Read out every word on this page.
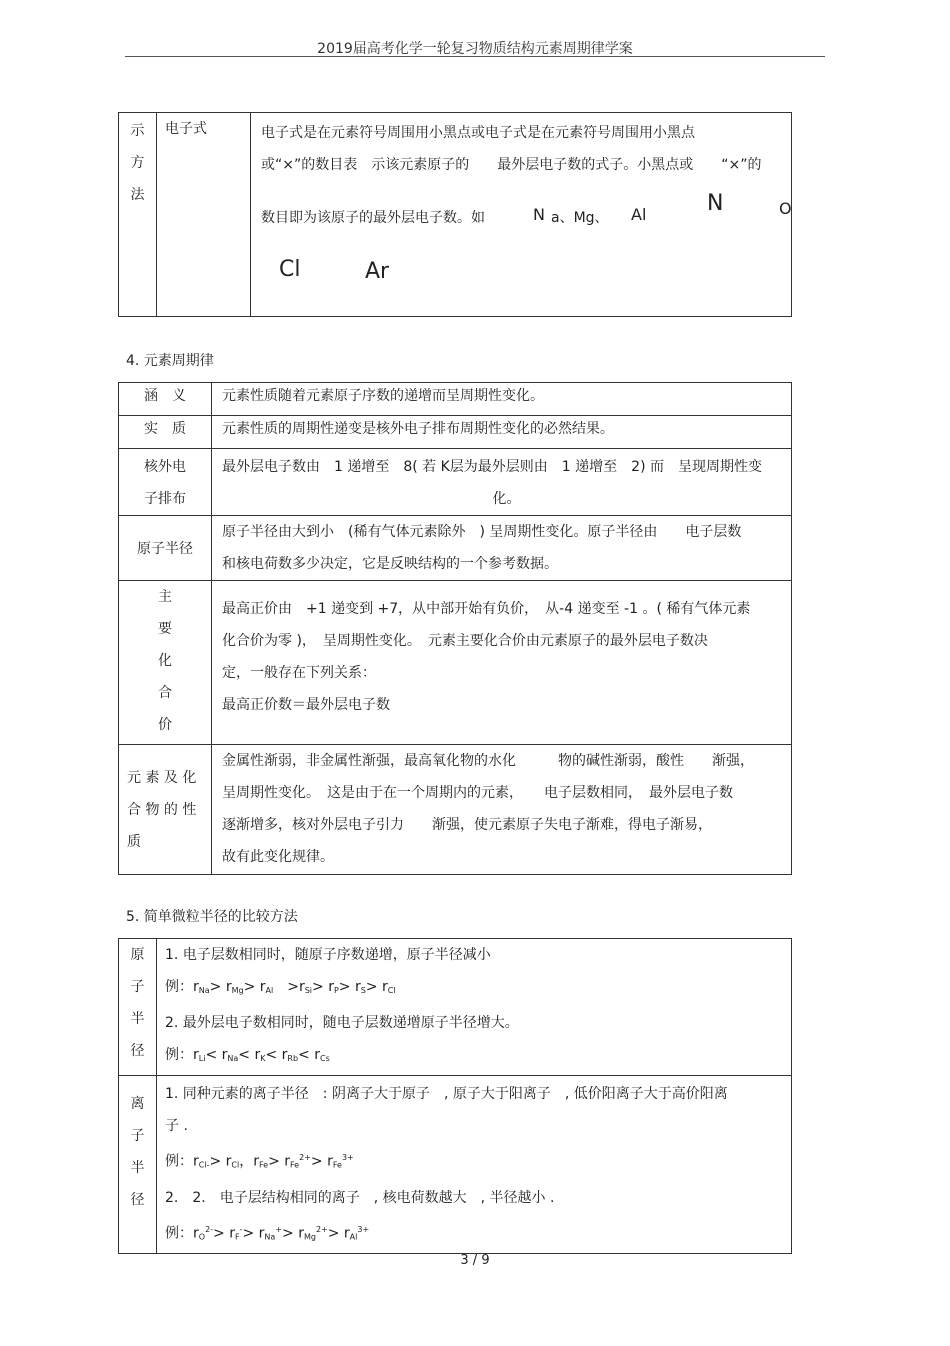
2019届高考化学一轮复习物质结构元素周期律学案
示
方
法

电子式	电子式是在元素符号周围用小黑点或电子式是在元素符号周围用小黑点
或“×”的数目表　示该元素原子的　　最外层电子数的式子。小黑点或　　“×”的
数目即为该原子的最外层电子数。如	N a、Mg、 Al	N	O
Cl	Ar
4. 元素周期律
涵　义	元素性质随着元素原子序数的递增而呈周期性变化。
实　质	元素性质的周期性递变是核外电子排布周期性变化的必然结果。

核外电
子排布	最外层电子数由　1 递增至　8( 若 K层为最外层则由　1 递增至　2) 而　呈现周期性变
化。

原子半径	原子半径由大到小　(稀有气体元素除外　) 呈周期性变化。原子半径由　　电子层数
和核电荷数多少决定，它是反映结构的一个参考数据。

主
要
化
合
价	最高正价由　+1 递变到 +7，从中部开始有负价，　从-4 递变至 -1 。( 稀有气体元素
化合价为零 )，　呈周期性变化。　元素主要化合价由元素原子的最外层电子数决
定，一般存在下列关系：
最高正价数＝最外层电子数

元 素 及 化
合 物 的 性
质	金属性渐弱，非金属性渐强，最高氧化物的水化　　　物的碱性渐弱，酸性　　渐强，
呈周期性变化。　这是由于在一个周期内的元素，　　电子层数相同，　最外层电子数
逐渐增多，核对外层电子引力　　渐强，使元素原子失电子渐难，得电子渐易，
故有此变化规律。
5. 简单微粒半径的比较方法
原
子
半
径	1. 电子层数相同时，随原子序数递增，原子半径减小
例：$r_{Na}> r_{Mg}> r_{Al}$　$>r_{Si}> r_P> r_S> r_{Cl}$
2. 最外层电子数相同时，随电子层数递增原子半径增大。
例：$r_{Li}< r_{Na}< r_K< r_{Rb}< r_{Cs}$

离
子
半
径	1. 同种元素的离子半径　: 阴离子大于原子　, 原子大于阳离子　, 低价阳离子大于高价阳离
子 .
例：$r_{Cl-}> r_{Cl}$，$r_{Fe}> r_{Fe}^{2+}> r_{Fe}^{3+}$
2.　2.　电子层结构相同的离子　, 核电荷数越大　, 半径越小 .
例：$r_O^{2-}> r_F^-> r_{Na}^+> r_{Mg}^{2+}> r_{Al}^{3+}$
3 / 9
